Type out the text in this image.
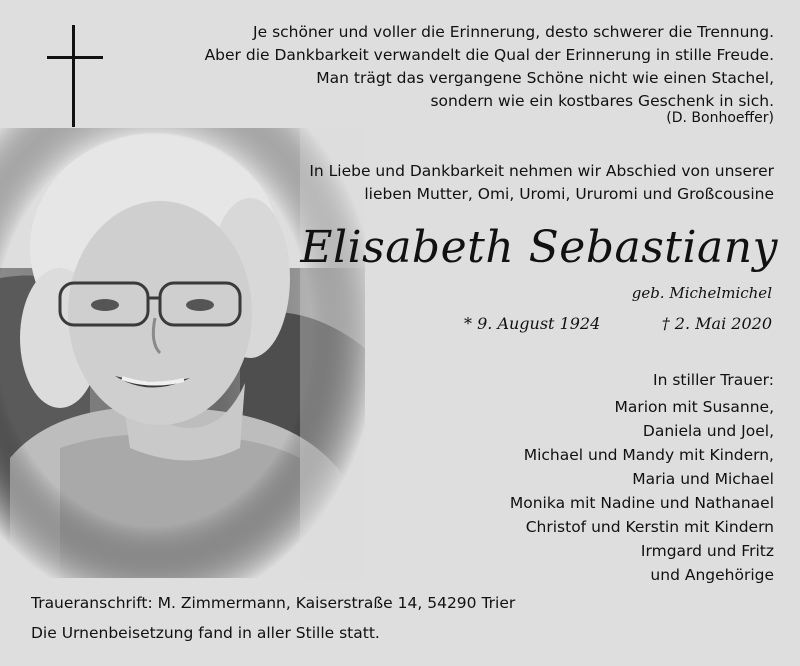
Je schöner und voller die Erinnerung, desto schwerer die Trennung.
Aber die Dankbarkeit verwandelt die Qual der Erinnerung in stille Freude.
Man trägt das vergangene Schöne nicht wie einen Stachel,
sondern wie ein kostbares Geschenk in sich.
(D. Bonhoeffer)
In Liebe und Dankbarkeit nehmen wir Abschied von unserer
lieben Mutter, Omi, Uromi, Ururomi und Großcousine
Elisabeth Sebastiany
geb. Michelmichel
* 9. August 1924	† 2. Mai 2020
In stiller Trauer:
Marion mit Susanne,
Daniela und Joel,
Michael und Mandy mit Kindern,
Maria und Michael
Monika mit Nadine und Nathanael
Christof und Kerstin mit Kindern
Irmgard und Fritz
und Angehörige
Traueranschrift: M. Zimmermann, Kaiserstraße 14, 54290 Trier
Die Urnenbeisetzung fand in aller Stille statt.
